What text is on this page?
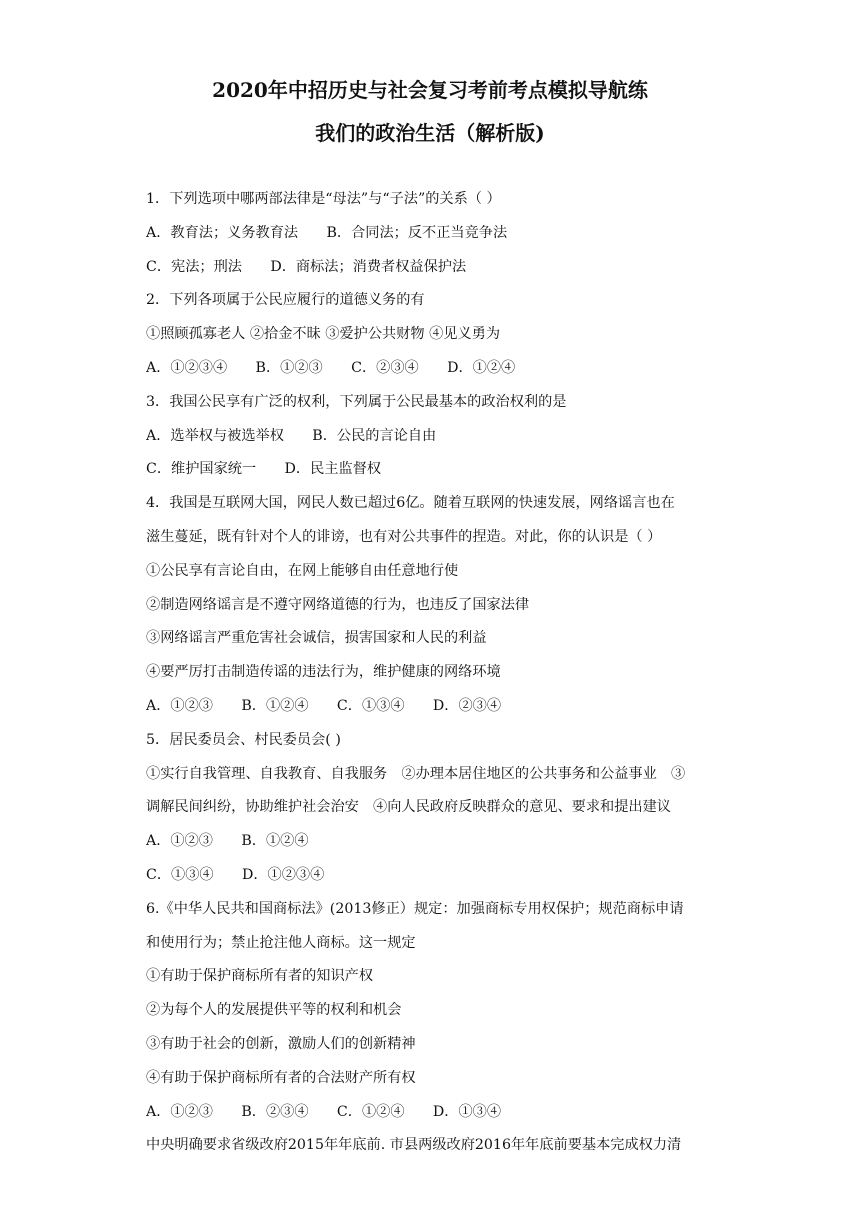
2020年中招历史与社会复习考前考点模拟导航练
我们的政治生活（解析版)
1．下列选项中哪两部法律是“母法”与“子法”的关系（ ）
A．教育法；义务教育法　　B．合同法；反不正当竞争法
C．宪法；刑法　　D．商标法；消费者权益保护法
2．下列各项属于公民应履行的道德义务的有
①照顾孤寡老人 ②拾金不昧 ③爱护公共财物 ④见义勇为
A．①②③④　　B．①②③　　C．②③④　　D．①②④
3．我国公民享有广泛的权利，下列属于公民最基本的政治权利的是
A．选举权与被选举权　　B．公民的言论自由
C．维护国家统一　　D．民主监督权
4．我国是互联网大国，网民人数已超过6亿。随着互联网的快速发展，网络谣言也在
滋生蔓延，既有针对个人的诽谤，也有对公共事件的捏造。对此，你的认识是（ ）
①公民享有言论自由，在网上能够自由任意地行使
②制造网络谣言是不遵守网络道德的行为，也违反了国家法律
③网络谣言严重危害社会诚信，损害国家和人民的利益
④要严厉打击制造传谣的违法行为，维护健康的网络环境
A．①②③　　B．①②④　　C．①③④　　D．②③④
5．居民委员会、村民委员会( )
①实行自我管理、自我教育、自我服务　②办理本居住地区的公共事务和公益事业　③
调解民间纠纷，协助维护社会治安　④向人民政府反映群众的意见、要求和提出建议
A．①②③　　B．①②④
C．①③④　　D．①②③④
6.《中华人民共和国商标法》(2013修正）规定：加强商标专用权保护；规范商标申请
和使用行为；禁止抢注他人商标。这一规定
①有助于保护商标所有者的知识产权
②为每个人的发展提供平等的权利和机会
③有助于社会的创新，激励人们的创新精神
④有助于保护商标所有者的合法财产所有权
A．①②③　　B．②③④　　C．①②④　　D．①③④
中央明确要求省级改府2015年年底前. 市县两级改府2016年年底前要基本完成权力清
